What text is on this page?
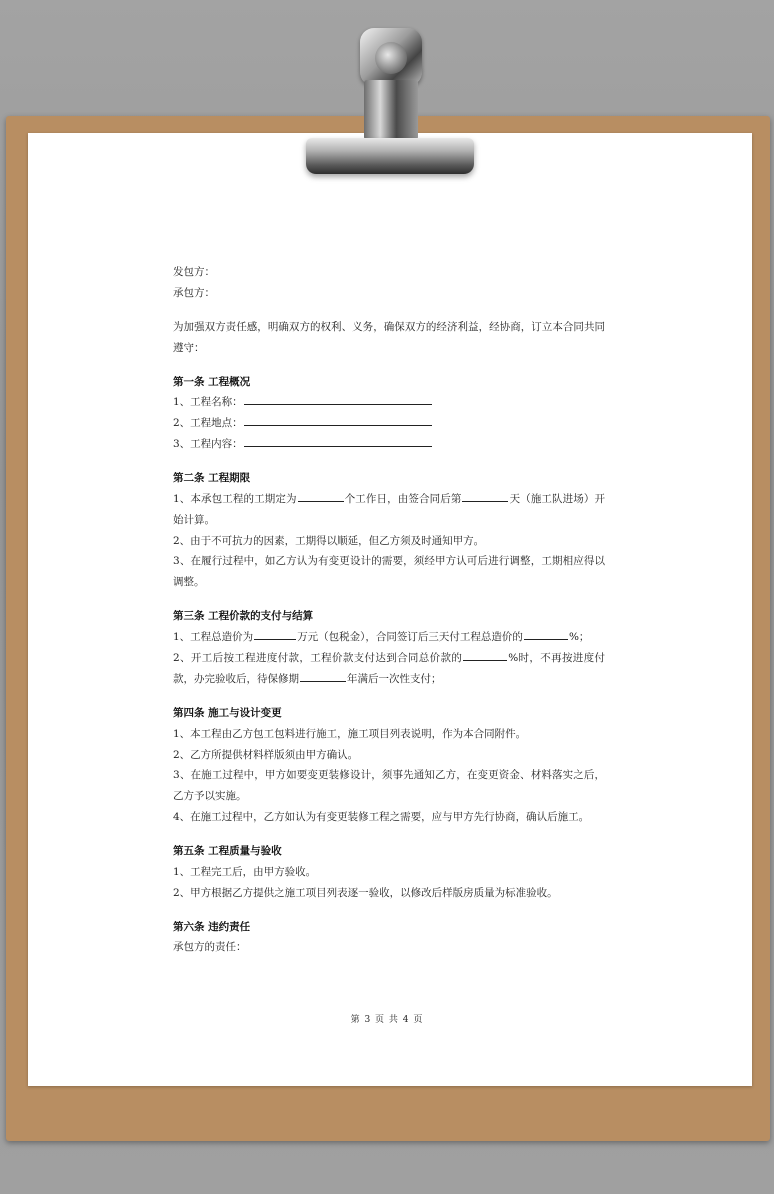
发包方：
承包方：
为加强双方责任感，明确双方的权利、义务，确保双方的经济利益，经协商，订立本合同共同遵守：
第一条 工程概况
1、工程名称：
2、工程地点：
3、工程内容：
第二条 工程期限
1、本承包工程的工期定为	个工作日，由签合同后第	天（施工队进场）开始计算。
2、由于不可抗力的因素，工期得以顺延，但乙方须及时通知甲方。
3、在履行过程中，如乙方认为有变更设计的需要，须经甲方认可后进行调整，工期相应得以调整。
第三条 工程价款的支付与结算
1、工程总造价为	万元（包税金），合同签订后三天付工程总造价的	%；
2、开工后按工程进度付款，工程价款支付达到合同总价款的	%时，不再按进度付款，办完验收后，待保修期	年满后一次性支付；
第四条 施工与设计变更
1、本工程由乙方包工包料进行施工，施工项目列表说明，作为本合同附件。
2、乙方所提供材料样版须由甲方确认。
3、在施工过程中，甲方如要变更装修设计，须事先通知乙方，在变更资金、材料落实之后，乙方予以实施。
4、在施工过程中，乙方如认为有变更装修工程之需要，应与甲方先行协商，确认后施工。
第五条 工程质量与验收
1、工程完工后，由甲方验收。
2、甲方根据乙方提供之施工项目列表逐一验收，以修改后样版房质量为标准验收。
第六条 违约责任
承包方的责任：
第 3 页 共 4 页
